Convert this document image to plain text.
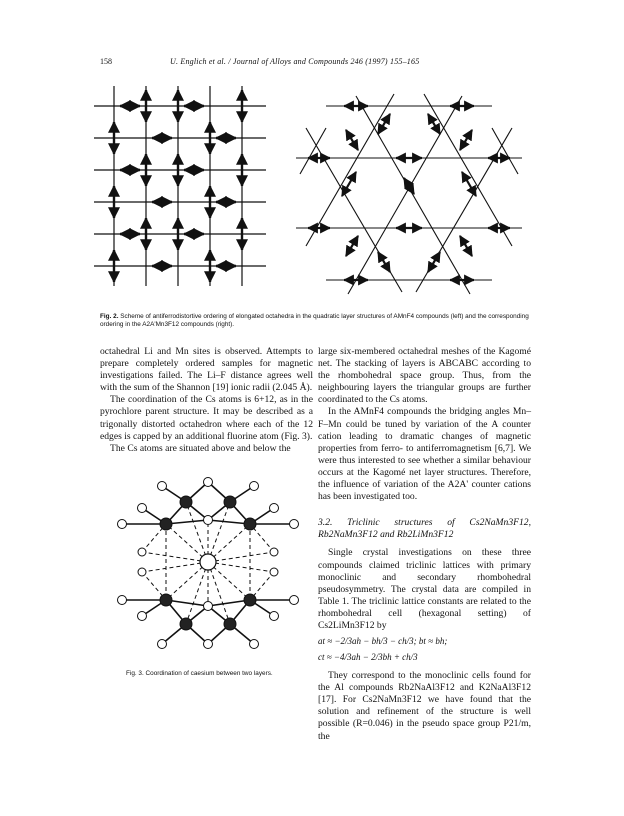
158	U. Englich et al. / Journal of Alloys and Compounds 246 (1997) 155–165
Fig. 2. Scheme of antiferrodistortive ordering of elongated octahedra in the quadratic layer structures of AMnF4 compounds (left) and the corresponding ordering in the A2A'Mn3F12 compounds (right).

octahedral Li and Mn sites is observed. Attempts to prepare completely ordered samples for magnetic investigations failed. The Li–F distance agrees well with the sum of the Shannon [19] ionic radii (2.045 Å).

The coordination of the Cs atoms is 6+12, as in the pyrochlore parent structure. It may be described as a trigonally distorted octahedron where each of the 12 edges is capped by an additional fluorine atom (Fig. 3).

The Cs atoms are situated above and below the

Fig. 3. Coordination of caesium between two layers.

large six-membered octahedral meshes of the Kagomé net. The stacking of layers is ABCABC according to the rhombohedral space group. Thus, from the neighbouring layers the triangular groups are further coordinated to the Cs atoms.

In the AMnF4 compounds the bridging angles Mn–F–Mn could be tuned by variation of the A counter cation leading to dramatic changes of magnetic properties from ferro- to antiferromagnetism [6,7]. We were thus interested to see whether a similar behaviour occurs at the Kagomé net layer structures. Therefore, the influence of variation of the A2A' counter cations has been investigated too.

3.2. Triclinic structures of Cs2NaMn3F12, Rb2NaMn3F12 and Rb2LiMn3F12

Single crystal investigations on these three compounds claimed triclinic lattices with primary monoclinic and secondary rhombohedral pseudosymmetry. The crystal data are compiled in Table 1. The triclinic lattice constants are related to the rhombohedral cell (hexagonal setting) of Cs2LiMn3F12 by

at ≈ −2/3ah − bh/3 − ch/3; bt ≈ bh;

ct ≈ −4/3ah − 2/3bh + ch/3

They correspond to the monoclinic cells found for the Al compounds Rb2NaAl3F12 and K2NaAl3F12 [17]. For Cs2NaMn3F12 we have found that the solution and refinement of the structure is well possible (R=0.046) in the pseudo space group P21/m, the
